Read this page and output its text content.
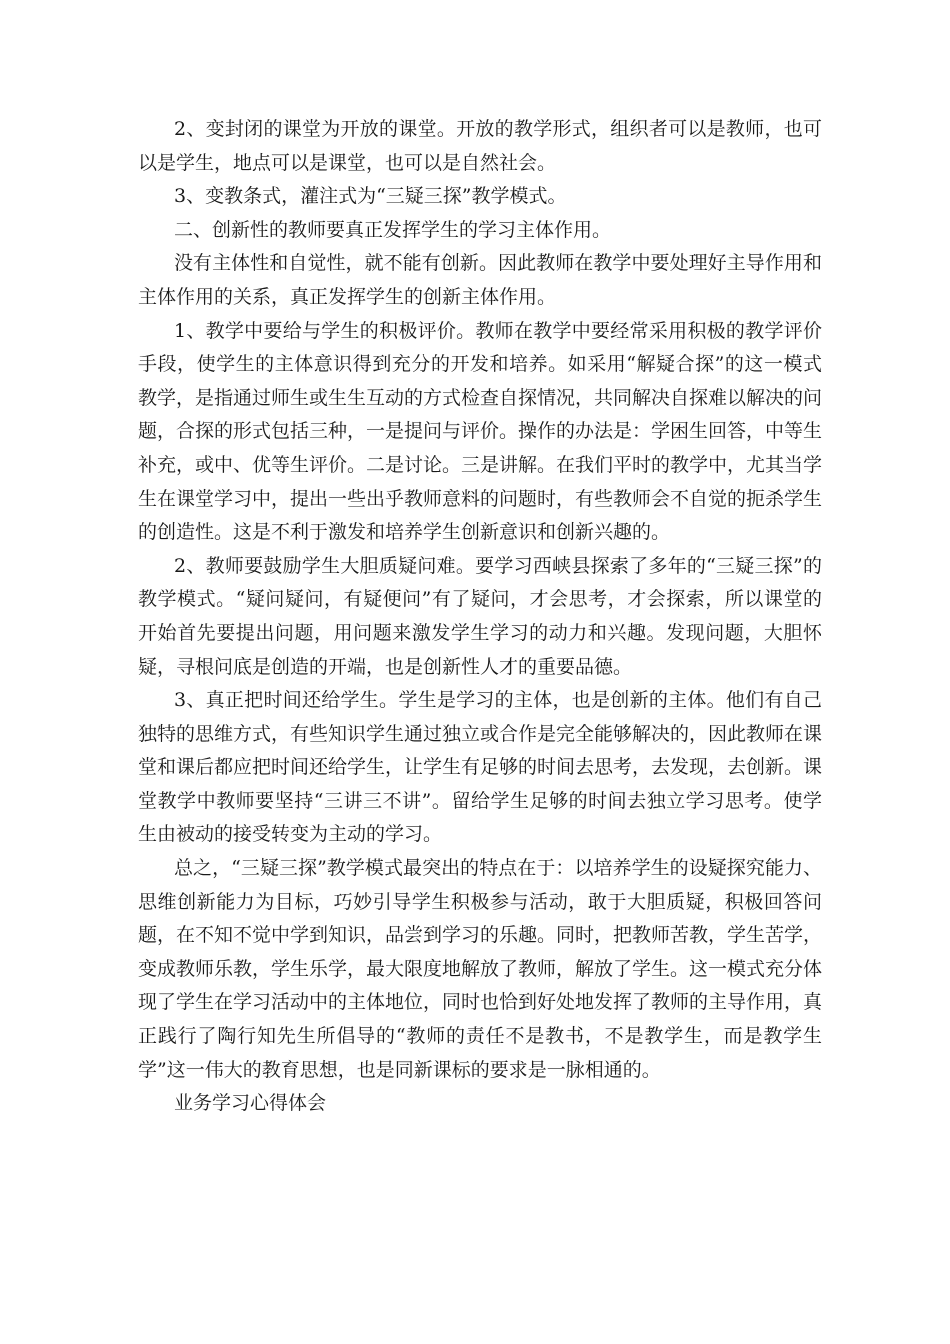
2、变封闭的课堂为开放的课堂。开放的教学形式，组织者可以是教师，也可以是学生，地点可以是课堂，也可以是自然社会。

3、变教条式，灌注式为“三疑三探”教学模式。

二、创新性的教师要真正发挥学生的学习主体作用。

没有主体性和自觉性，就不能有创新。因此教师在教学中要处理好主导作用和主体作用的关系，真正发挥学生的创新主体作用。

1、教学中要给与学生的积极评价。教师在教学中要经常采用积极的教学评价手段，使学生的主体意识得到充分的开发和培养。如采用“解疑合探”的这一模式教学，是指通过师生或生生互动的方式检查自探情况，共同解决自探难以解决的问题，合探的形式包括三种，一是提问与评价。操作的办法是：学困生回答，中等生补充，或中、优等生评价。二是讨论。三是讲解。在我们平时的教学中，尤其当学生在课堂学习中，提出一些出乎教师意料的问题时，有些教师会不自觉的扼杀学生的创造性。这是不利于激发和培养学生创新意识和创新兴趣的。

2、教师要鼓励学生大胆质疑问难。要学习西峡县探索了多年的“三疑三探”的教学模式。“疑问疑问，有疑便问”有了疑问，才会思考，才会探索，所以课堂的开始首先要提出问题，用问题来激发学生学习的动力和兴趣。发现问题，大胆怀疑，寻根问底是创造的开端，也是创新性人才的重要品德。

3、真正把时间还给学生。学生是学习的主体，也是创新的主体。他们有自己独特的思维方式，有些知识学生通过独立或合作是完全能够解决的，因此教师在课堂和课后都应把时间还给学生，让学生有足够的时间去思考，去发现，去创新。课堂教学中教师要坚持“三讲三不讲”。留给学生足够的时间去独立学习思考。使学生由被动的接受转变为主动的学习。

总之，“三疑三探”教学模式最突出的特点在于：以培养学生的设疑探究能力、思维创新能力为目标，巧妙引导学生积极参与活动，敢于大胆质疑，积极回答问题，在不知不觉中学到知识，品尝到学习的乐趣。同时，把教师苦教，学生苦学，变成教师乐教，学生乐学，最大限度地解放了教师，解放了学生。这一模式充分体现了学生在学习活动中的主体地位，同时也恰到好处地发挥了教师的主导作用，真正践行了陶行知先生所倡导的“教师的责任不是教书，不是教学生，而是教学生学”这一伟大的教育思想，也是同新课标的要求是一脉相通的。

业务学习心得体会
